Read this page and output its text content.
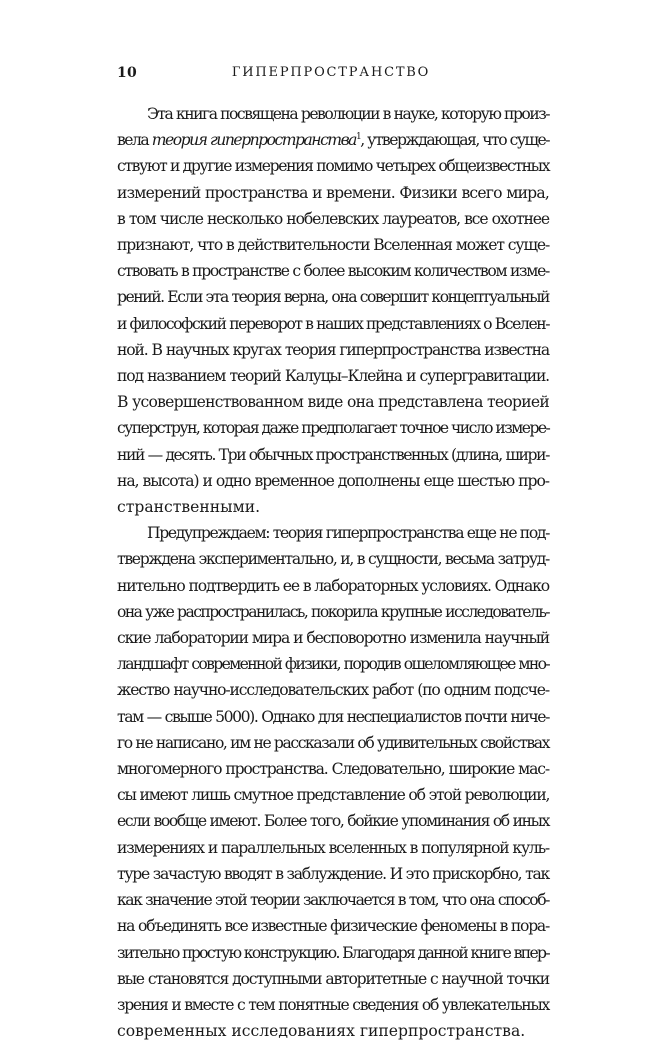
10	ГИПЕРПРОСТРАНСТВО
Эта книга посвящена революции в науке, которую произ-
вела теория гиперпространства$^1$, утверждающая, что суще-
ствуют и другие измерения помимо четырех общеизвестных
измерений пространства и времени. Физики всего мира,
в том числе несколько нобелевских лауреатов, все охотнее
признают, что в действительности Вселенная может суще-
ствовать в пространстве с более высоким количеством изме-
рений. Если эта теория верна, она совершит концептуальный
и философский переворот в наших представлениях о Вселен-
ной. В научных кругах теория гиперпространства известна
под названием теорий Калуцы–Клейна и супергравитации.
В усовершенствованном виде она представлена теорией
суперструн, которая даже предполагает точное число измере-
ний — десять. Три обычных пространственных (длина, шири-
на, высота) и одно временное дополнены еще шестью про-
странственными.
Предупреждаем: теория гиперпространства еще не под-
тверждена экспериментально, и, в сущности, весьма затруд-
нительно подтвердить ее в лабораторных условиях. Однако
она уже распространилась, покорила крупные исследователь-
ские лаборатории мира и бесповоротно изменила научный
ландшафт современной физики, породив ошеломляющее мно-
жество научно-исследовательских работ (по одним подсче-
там — свыше 5000). Однако для неспециалистов почти ниче-
го не написано, им не рассказали об удивительных свойствах
многомерного пространства. Следовательно, широкие мас-
сы имеют лишь смутное представление об этой революции,
если вообще имеют. Более того, бойкие упоминания об иных
измерениях и параллельных вселенных в популярной куль-
туре зачастую вводят в заблуждение. И это прискорбно, так
как значение этой теории заключается в том, что она способ-
на объединять все известные физические феномены в пора-
зительно простую конструкцию. Благодаря данной книге впер-
вые становятся доступными авторитетные с научной точки
зрения и вместе с тем понятные сведения об увлекательных
современных исследованиях гиперпространства.
